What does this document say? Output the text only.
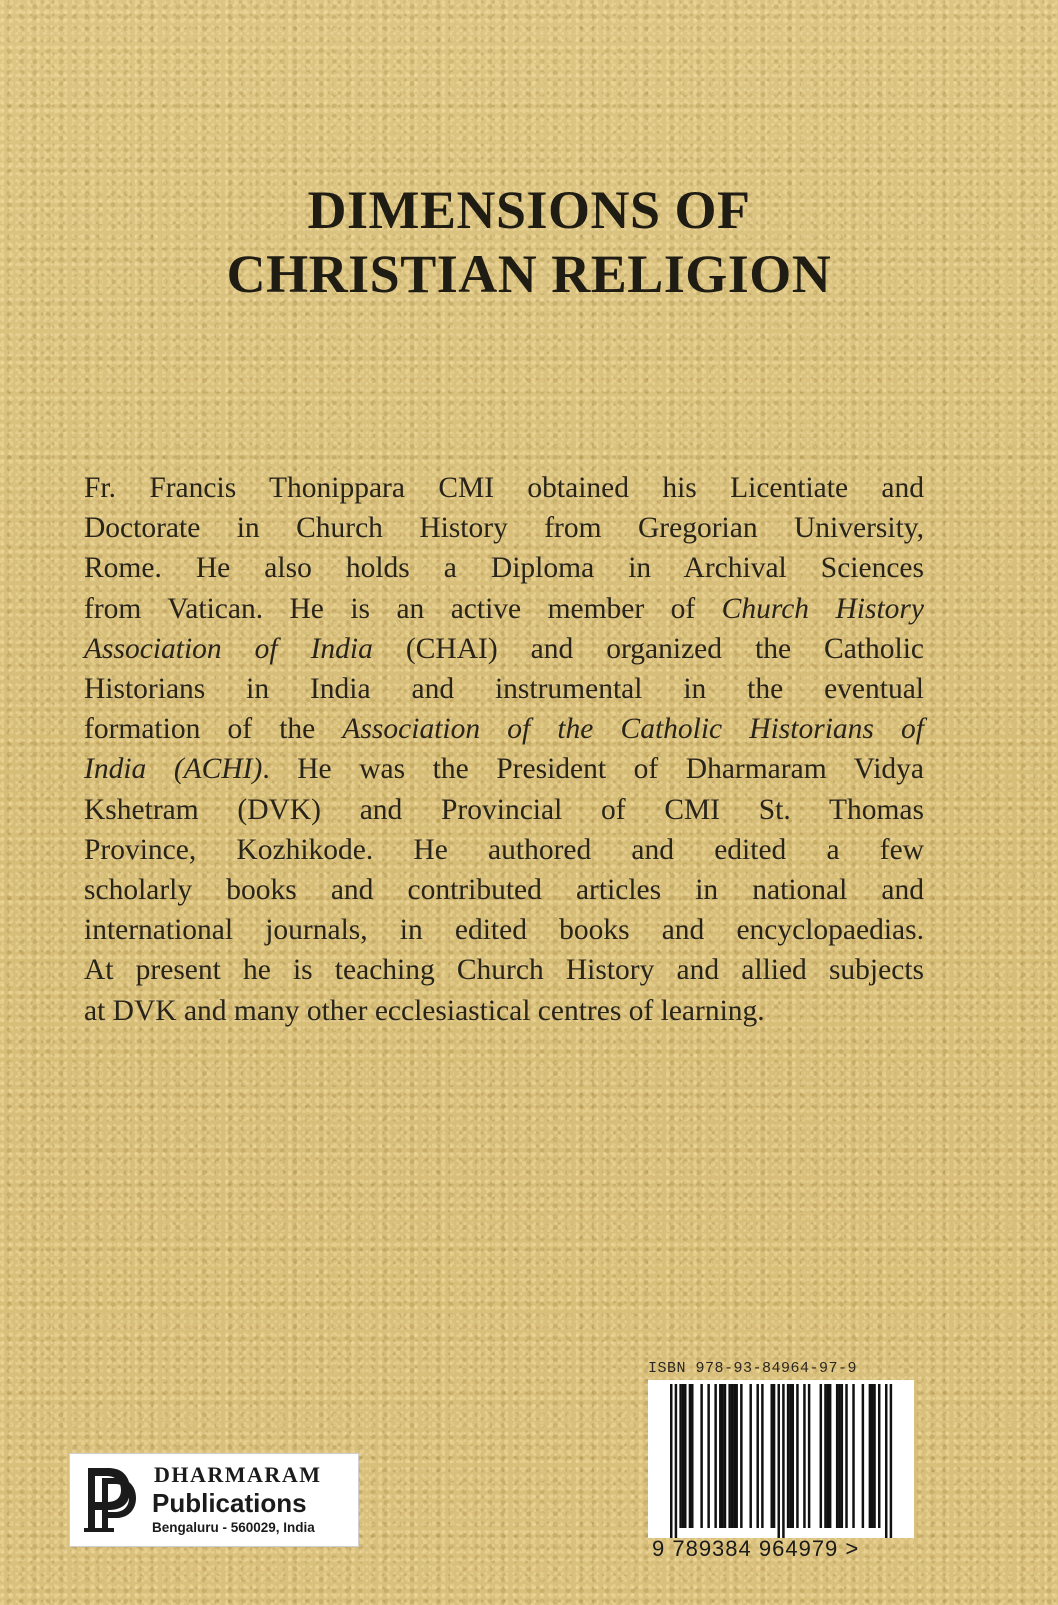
DIMENSIONS OF
CHRISTIAN RELIGION
Fr. Francis Thonippara CMI obtained his Licentiate and
Doctorate in Church History from Gregorian University,
Rome. He also holds a Diploma in Archival Sciences
from Vatican. He is an active member of Church History
Association of India (CHAI) and organized the Catholic
Historians in India and instrumental in the eventual
formation of the Association of the Catholic Historians of
India (ACHI). He was the President of Dharmaram Vidya
Kshetram (DVK) and Provincial of CMI St. Thomas
Province, Kozhikode. He authored and edited a few
scholarly books and contributed articles in national and
international journals, in edited books and encyclopaedias.
At present he is teaching Church History and allied subjects
at DVK and many other ecclesiastical centres of learning.
ISBN 978-93-84964-97-9
9 789384 964979 >
DHARMARAM
Publications
Bengaluru - 560029, India
